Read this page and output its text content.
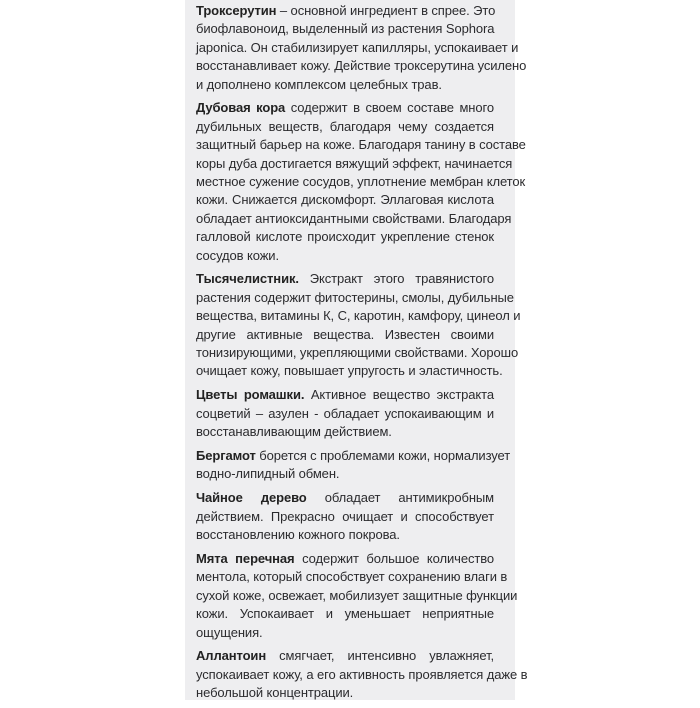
Троксерутин – основной ингредиент в спрее. Это
биофлавоноид, выделенный из растения Sophora
japonica. Он стабилизирует капилляры, успокаивает и
восстанавливает кожу. Действие троксерутина усилено
и дополнено комплексом целебных трав.
Дубовая кора содержит в своем составе много
дубильных веществ, благодаря чему создается
защитный барьер на коже. Благодаря танину в составе
коры дуба достигается вяжущий эффект, начинается
местное сужение сосудов, уплотнение мембран клеток
кожи. Снижается дискомфорт. Эллаговая кислота
обладает антиоксидантными свойствами. Благодаря
галловой кислоте происходит укрепление стенок
сосудов кожи.
Тысячелистник. Экстракт этого травянистого
растения содержит фитостерины, смолы, дубильные
вещества, витамины К, С, каротин, камфору, цинеол и
другие активные вещества. Известен своими
тонизирующими, укрепляющими свойствами. Хорошо
очищает кожу, повышает упругость и эластичность.
Цветы ромашки. Активное вещество экстракта
соцветий – азулен - обладает успокаивающим и
восстанавливающим действием.
Бергамот борется с проблемами кожи, нормализует
водно-липидный обмен.
Чайное дерево обладает антимикробным
действием. Прекрасно очищает и способствует
восстановлению кожного покрова.
Мята перечная содержит большое количество
ментола, который способствует сохранению влаги в
сухой коже, освежает, мобилизует защитные функции
кожи. Успокаивает и уменьшает неприятные
ощущения.
Аллантоин смягчает, интенсивно увлажняет,
успокаивает кожу, а его активность проявляется даже в
небольшой концентрации.
